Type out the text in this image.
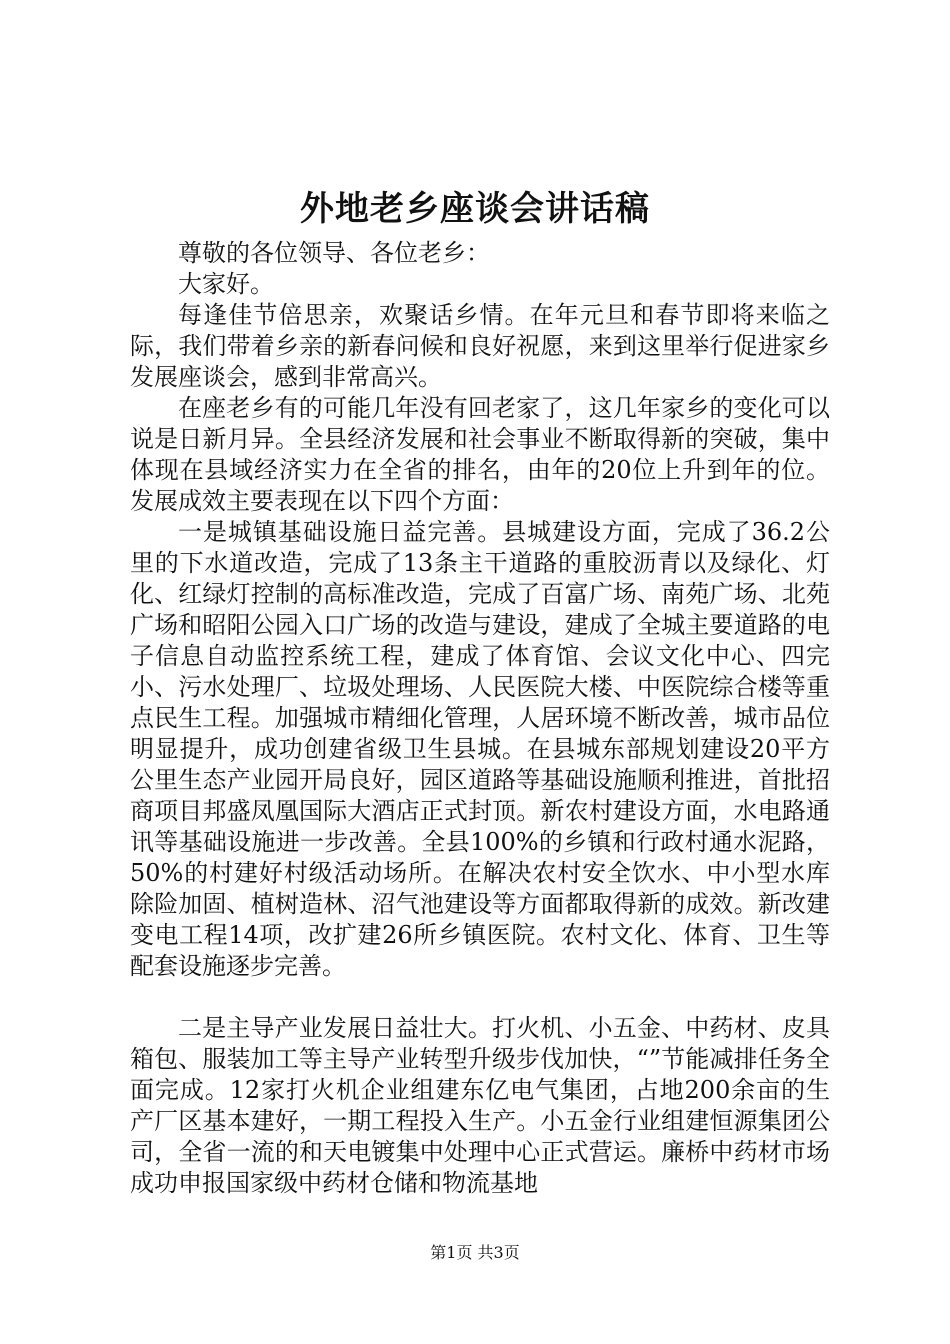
外地老乡座谈会讲话稿

尊敬的各位领导、各位老乡：

大家好。

每逢佳节倍思亲，欢聚话乡情。在年元旦和春节即将来临之际，我们带着乡亲的新春问候和良好祝愿，来到这里举行促进家乡发展座谈会，感到非常高兴。

在座老乡有的可能几年没有回老家了，这几年家乡的变化可以说是日新月异。全县经济发展和社会事业不断取得新的突破，集中体现在县域经济实力在全省的排名，由年的20位上升到年的位。发展成效主要表现在以下四个方面：

一是城镇基础设施日益完善。县城建设方面，完成了36.2公里的下水道改造，完成了13条主干道路的重胶沥青以及绿化、灯化、红绿灯控制的高标准改造，完成了百富广场、南苑广场、北苑广场和昭阳公园入口广场的改造与建设，建成了全城主要道路的电子信息自动监控系统工程，建成了体育馆、会议文化中心、四完小、污水处理厂、垃圾处理场、人民医院大楼、中医院综合楼等重点民生工程。加强城市精细化管理，人居环境不断改善，城市品位明显提升，成功创建省级卫生县城。在县城东部规划建设20平方公里生态产业园开局良好，园区道路等基础设施顺利推进，首批招商项目邦盛凤凰国际大酒店正式封顶。新农村建设方面，水电路通讯等基础设施进一步改善。全县100%的乡镇和行政村通水泥路，50%的村建好村级活动场所。在解决农村安全饮水、中小型水库除险加固、植树造林、沼气池建设等方面都取得新的成效。新改建变电工程14项，改扩建26所乡镇医院。农村文化、体育、卫生等配套设施逐步完善。

二是主导产业发展日益壮大。打火机、小五金、中药材、皮具箱包、服装加工等主导产业转型升级步伐加快，“”节能减排任务全面完成。12家打火机企业组建东亿电气集团，占地200余亩的生产厂区基本建好，一期工程投入生产。小五金行业组建恒源集团公司，全省一流的和天电镀集中处理中心正式营运。廉桥中药材市场成功申报国家级中药材仓储和物流基地

第1页 共3页
